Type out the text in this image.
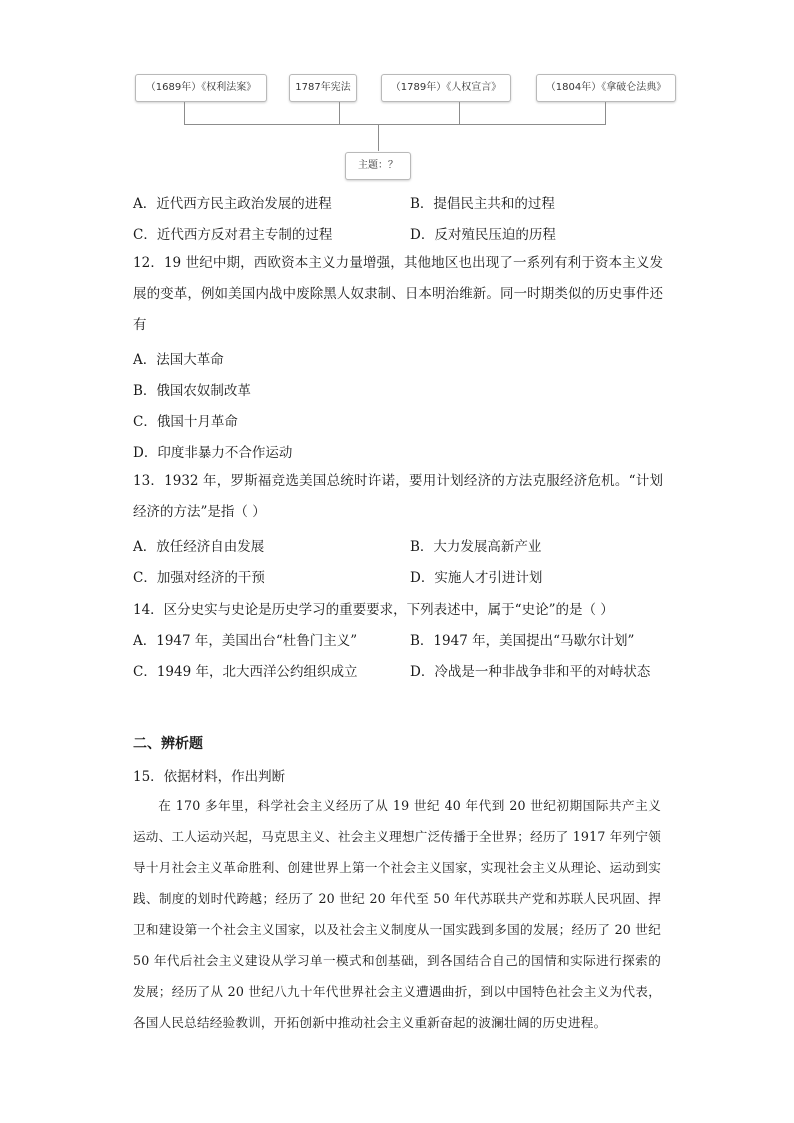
（1689年）《权利法案》	1787年宪法	（1789年）《人权宣言》	（1804年）《拿破仑法典》
主题：？
A．近代西方民主政治发展的进程	B．提倡民主共和的过程
C．近代西方反对君主专制的过程	D．反对殖民压迫的历程
12．19 世纪中期，西欧资本主义力量增强，其他地区也出现了一系列有利于资本主义发展的变革，例如美国内战中废除黑人奴隶制、日本明治维新。同一时期类似的历史事件还有
A．法国大革命
B．俄国农奴制改革
C．俄国十月革命
D．印度非暴力不合作运动
13．1932 年，罗斯福竞选美国总统时许诺，要用计划经济的方法克服经济危机。“计划经济的方法”是指（ ）
A．放任经济自由发展	B．大力发展高新产业
C．加强对经济的干预	D．实施人才引进计划
14．区分史实与史论是历史学习的重要要求，下列表述中，属于“史论”的是（ ）
A．1947 年，美国出台“杜鲁门主义”	B．1947 年，美国提出“马歇尔计划”
C．1949 年，北大西洋公约组织成立	D．冷战是一种非战争非和平的对峙状态
二、辨析题
15．依据材料，作出判断
在 170 多年里，科学社会主义经历了从 19 世纪 40 年代到 20 世纪初期国际共产主义运动、工人运动兴起，马克思主义、社会主义理想广泛传播于全世界；经历了 1917 年列宁领导十月社会主义革命胜利、创建世界上第一个社会主义国家，实现社会主义从理论、运动到实践、制度的划时代跨越；经历了 20 世纪 20 年代至 50 年代苏联共产党和苏联人民巩固、捍卫和建设第一个社会主义国家，以及社会主义制度从一国实践到多国的发展；经历了 20 世纪 50 年代后社会主义建设从学习单一模式和创基础，到各国结合自己的国情和实际进行探索的发展；经历了从 20 世纪八九十年代世界社会主义遭遇曲折，到以中国特色社会主义为代表，各国人民总结经验教训，开拓创新中推动社会主义重新奋起的波澜壮阔的历史进程。
